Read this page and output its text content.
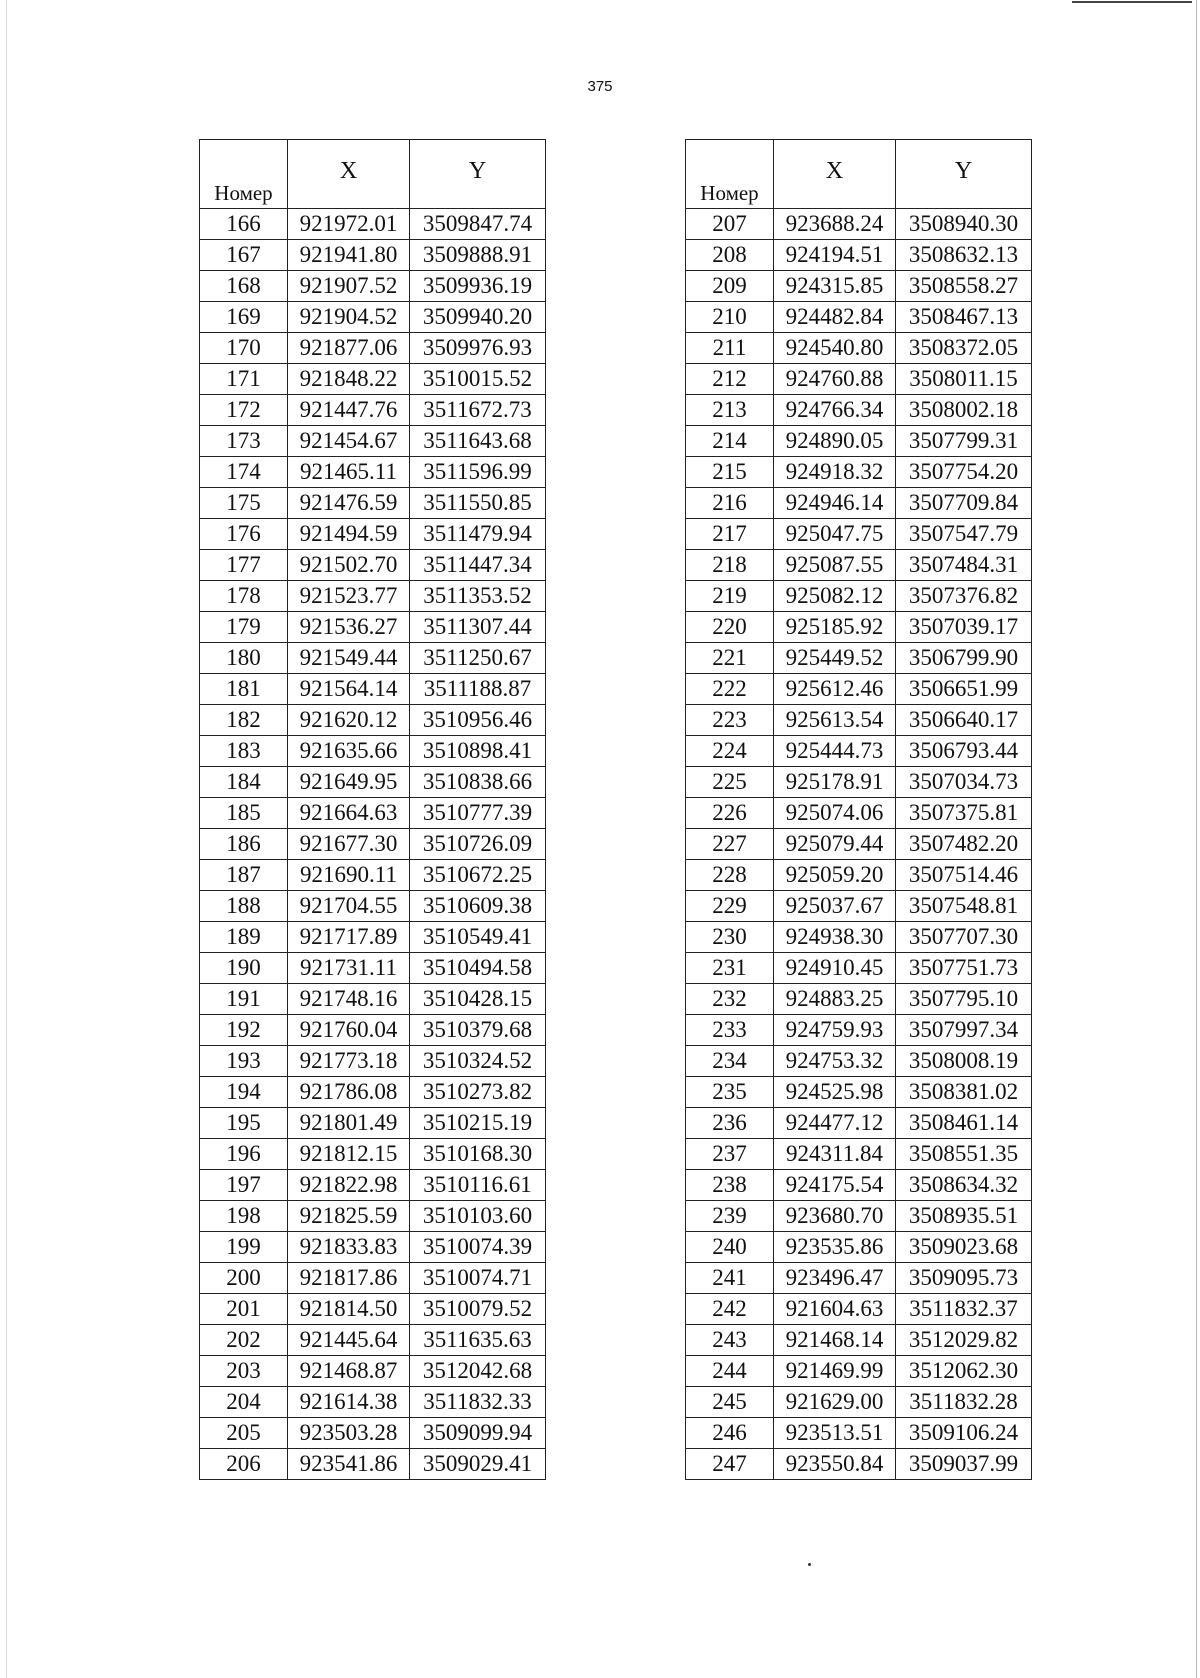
375
Номер	X	Y
166	921972.01	3509847.74
167	921941.80	3509888.91
168	921907.52	3509936.19
169	921904.52	3509940.20
170	921877.06	3509976.93
171	921848.22	3510015.52
172	921447.76	3511672.73
173	921454.67	3511643.68
174	921465.11	3511596.99
175	921476.59	3511550.85
176	921494.59	3511479.94
177	921502.70	3511447.34
178	921523.77	3511353.52
179	921536.27	3511307.44
180	921549.44	3511250.67
181	921564.14	3511188.87
182	921620.12	3510956.46
183	921635.66	3510898.41
184	921649.95	3510838.66
185	921664.63	3510777.39
186	921677.30	3510726.09
187	921690.11	3510672.25
188	921704.55	3510609.38
189	921717.89	3510549.41
190	921731.11	3510494.58
191	921748.16	3510428.15
192	921760.04	3510379.68
193	921773.18	3510324.52
194	921786.08	3510273.82
195	921801.49	3510215.19
196	921812.15	3510168.30
197	921822.98	3510116.61
198	921825.59	3510103.60
199	921833.83	3510074.39
200	921817.86	3510074.71
201	921814.50	3510079.52
202	921445.64	3511635.63
203	921468.87	3512042.68
204	921614.38	3511832.33
205	923503.28	3509099.94
206	923541.86	3509029.41
Номер	X	Y
207	923688.24	3508940.30
208	924194.51	3508632.13
209	924315.85	3508558.27
210	924482.84	3508467.13
211	924540.80	3508372.05
212	924760.88	3508011.15
213	924766.34	3508002.18
214	924890.05	3507799.31
215	924918.32	3507754.20
216	924946.14	3507709.84
217	925047.75	3507547.79
218	925087.55	3507484.31
219	925082.12	3507376.82
220	925185.92	3507039.17
221	925449.52	3506799.90
222	925612.46	3506651.99
223	925613.54	3506640.17
224	925444.73	3506793.44
225	925178.91	3507034.73
226	925074.06	3507375.81
227	925079.44	3507482.20
228	925059.20	3507514.46
229	925037.67	3507548.81
230	924938.30	3507707.30
231	924910.45	3507751.73
232	924883.25	3507795.10
233	924759.93	3507997.34
234	924753.32	3508008.19
235	924525.98	3508381.02
236	924477.12	3508461.14
237	924311.84	3508551.35
238	924175.54	3508634.32
239	923680.70	3508935.51
240	923535.86	3509023.68
241	923496.47	3509095.73
242	921604.63	3511832.37
243	921468.14	3512029.82
244	921469.99	3512062.30
245	921629.00	3511832.28
246	923513.51	3509106.24
247	923550.84	3509037.99
